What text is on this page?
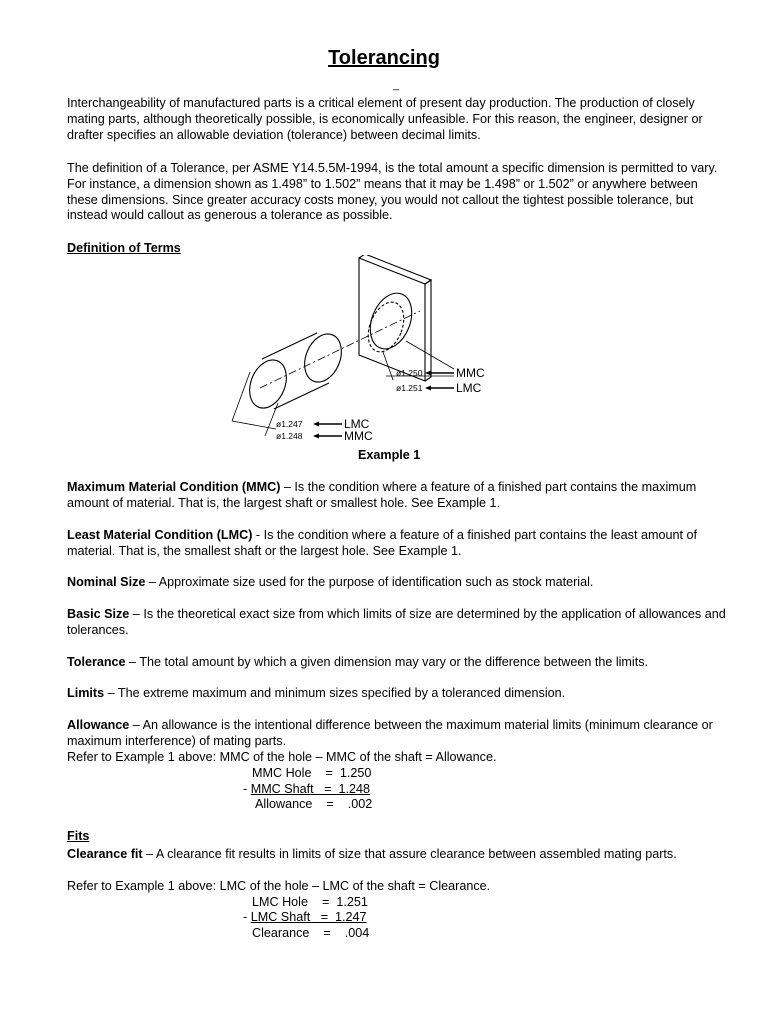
Tolerancing
_

Interchangeability of manufactured parts is a critical element of present day production. The production of closely mating parts, although theoretically possible, is economically unfeasible. For this reason, the engineer, designer or drafter specifies an allowable deviation (tolerance) between decimal limits.

The definition of a Tolerance, per ASME Y14.5.5M-1994, is the total amount a specific dimension is permitted to vary. For instance, a dimension shown as 1.498” to 1.502” means that it may be 1.498” or 1.502” or anywhere between these dimensions. Since greater accuracy costs money, you would not callout the tightest possible tolerance, but instead would callout as generous a tolerance as possible.

Definition of Terms
ø1.250	MMC
ø1.251	LMC
ø1.247	LMC
ø1.248	MMC
Example 1

Maximum Material Condition (MMC) – Is the condition where a feature of a finished part contains the maximum amount of material. That is, the largest shaft or smallest hole. See Example 1.

Least Material Condition (LMC) - Is the condition where a feature of a finished part contains the least amount of material. That is, the smallest shaft or the largest hole. See Example 1.

Nominal Size – Approximate size used for the purpose of identification such as stock material.

Basic Size – Is the theoretical exact size from which limits of size are determined by the application of allowances and tolerances.

Tolerance – The total amount by which a given dimension may vary or the difference between the limits.

Limits – The extreme maximum and minimum sizes specified by a toleranced dimension.

Allowance – An allowance is the intentional difference between the maximum material limits (minimum clearance or maximum interference) of mating parts.

Refer to Example 1 above: MMC of the hole – MMC of the shaft = Allowance.

MMC Hole    =  1.250
- MMC Shaft   =  1.248
Allowance    =    .002
Fits

Clearance fit – A clearance fit results in limits of size that assure clearance between assembled mating parts.

Refer to Example 1 above: LMC of the hole – LMC of the shaft = Clearance.

LMC Hole    =  1.251
- LMC Shaft   =  1.247
Clearance    =    .004
